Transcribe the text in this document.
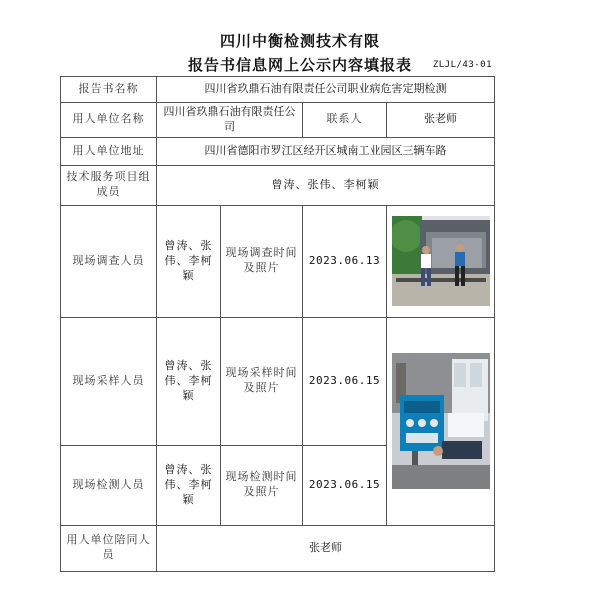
四川中衡检测技术有限
报告书信息网上公示内容填报表	ZLJL/43-01
报告书名称	四川省玖鼎石油有限责任公司职业病危害定期检测			
用人单位名称	四川省玖鼎石油有限责任公司		联系人	张老师
用人单位地址	四川省德阳市罗江区经开区城南工业园区三辆车路			
技术服务项目组成员	曾涛、张伟、李柯颖			
现场调查人员	曾涛、张伟、李柯颖	现场调查时间及照片	2023.06.13	

现场采样人员	曾涛、张伟、李柯颖	现场采样时间及照片	2023.06.15	

现场检测人员	曾涛、张伟、李柯颖	现场检测时间及照片	2023.06.15	
用人单位陪同人员	张老师			
